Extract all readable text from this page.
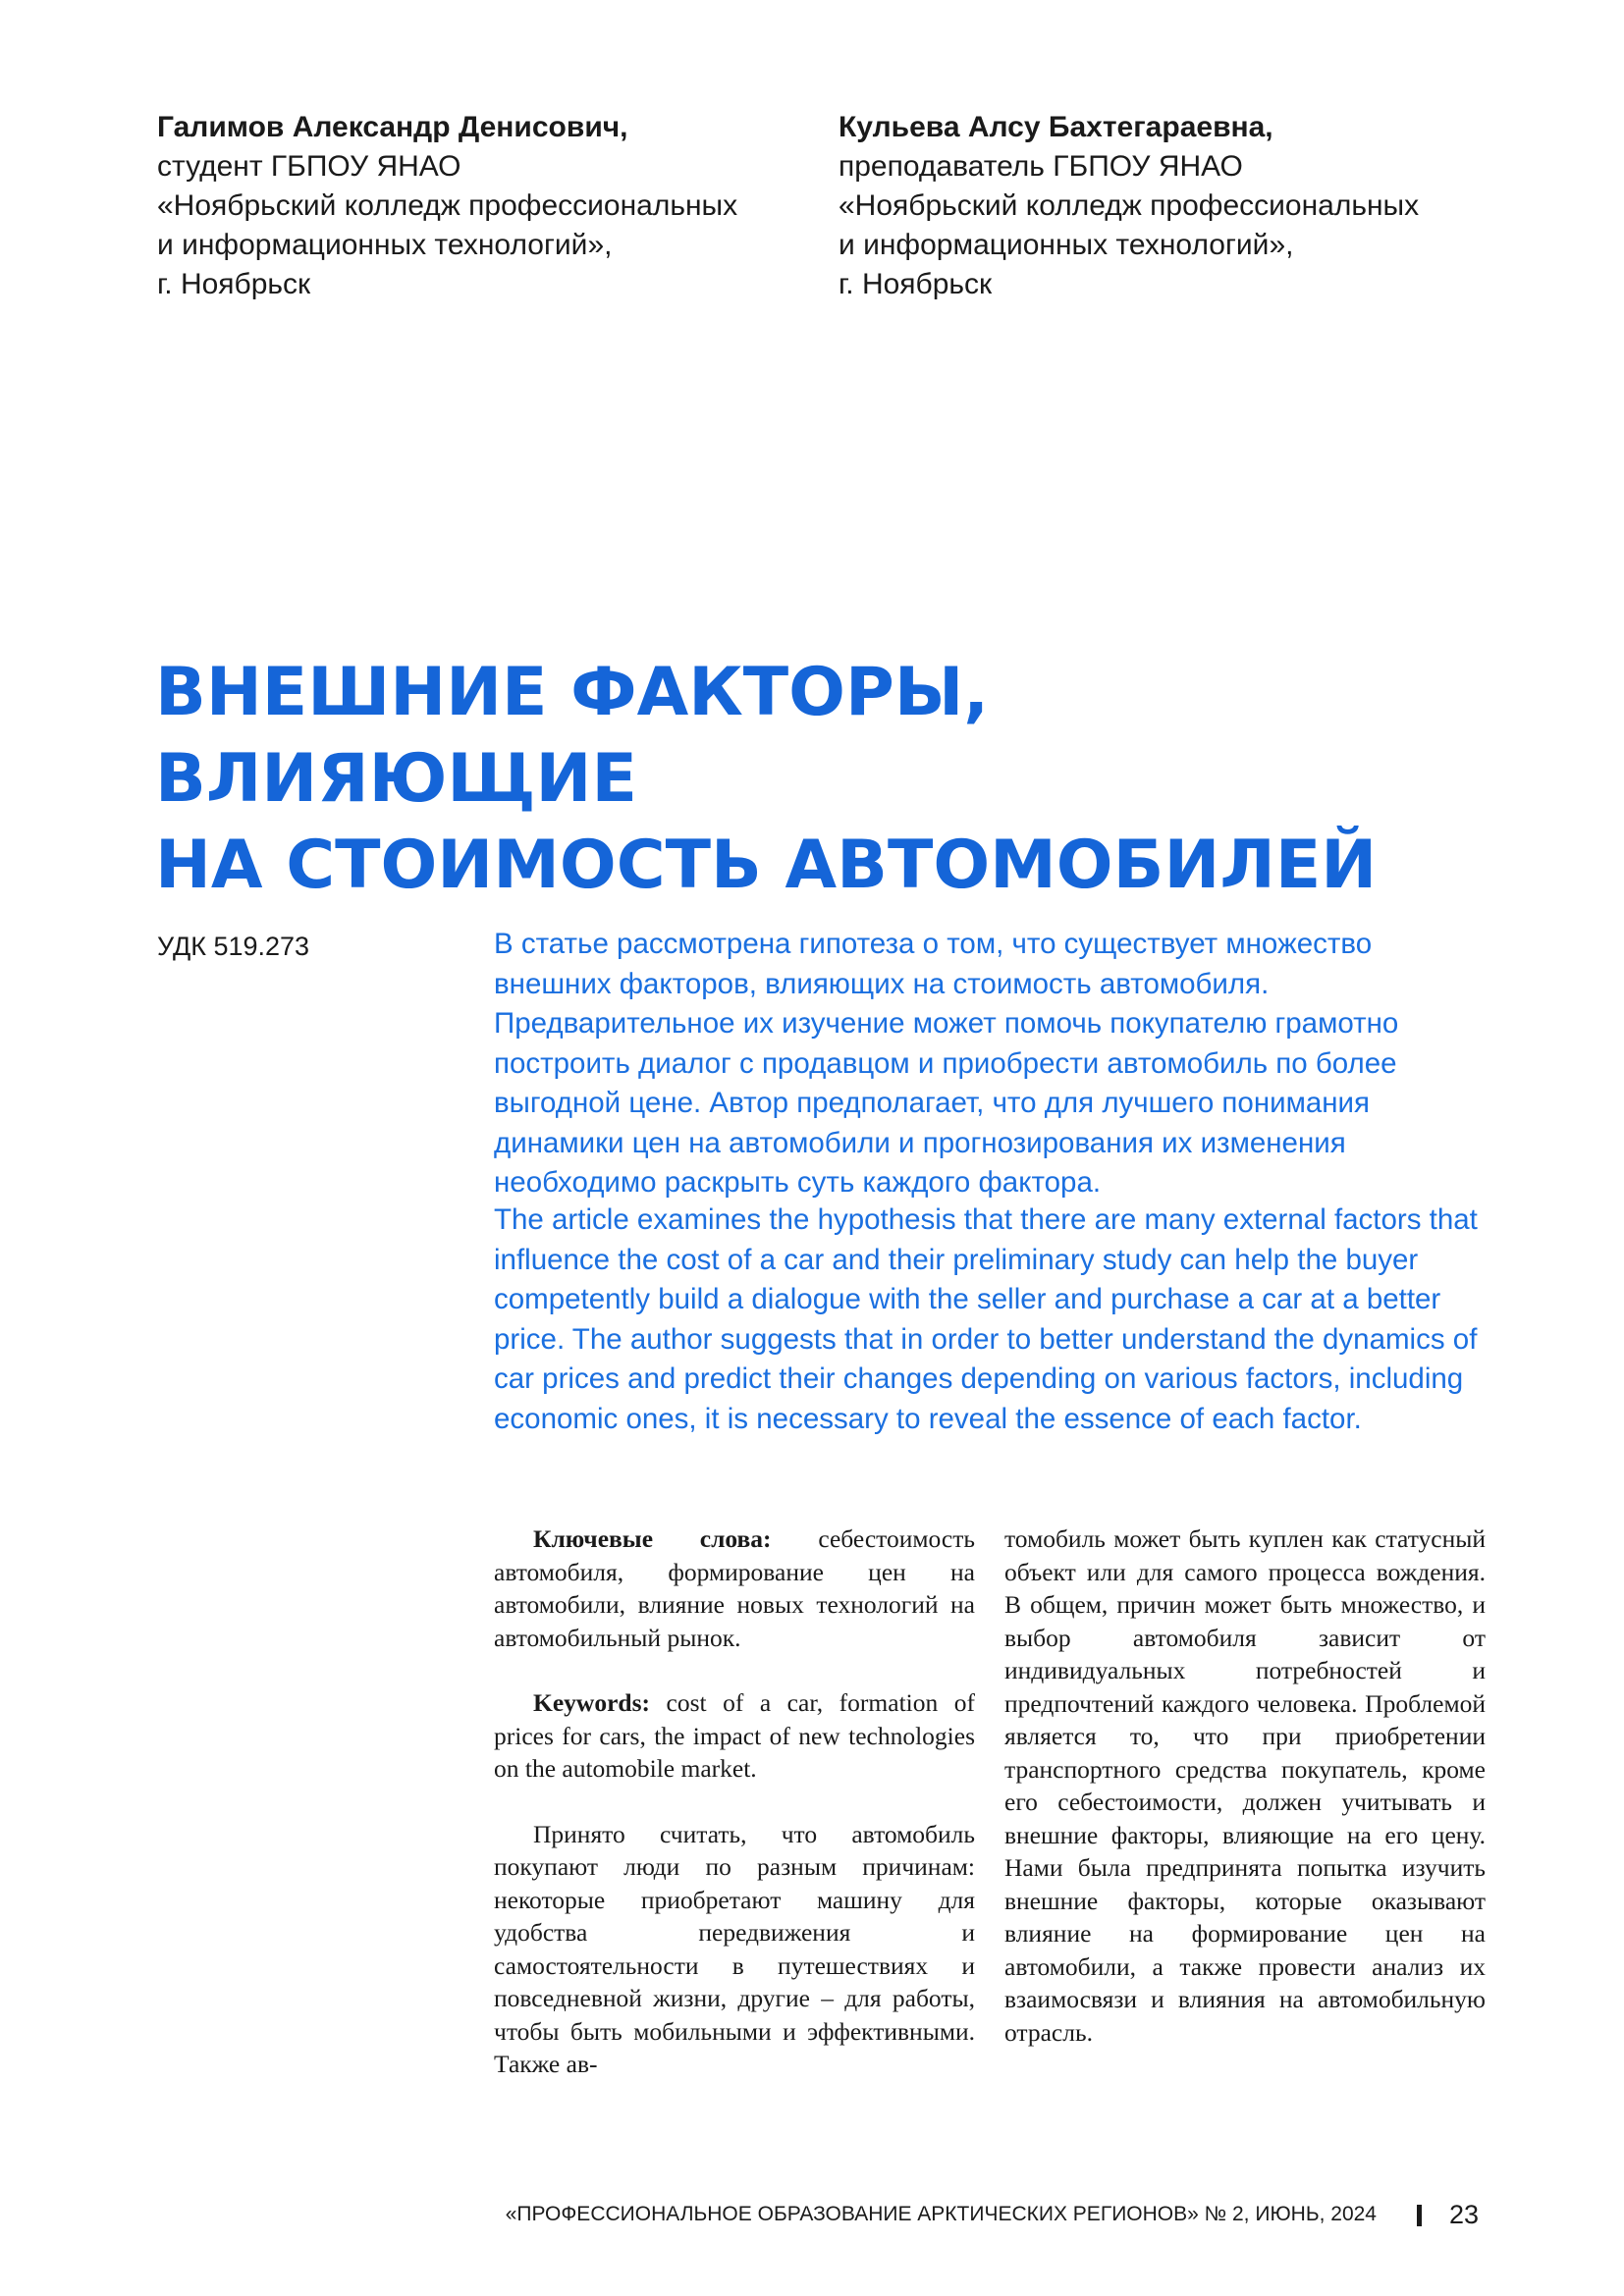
Галимов Александр Денисович,
студент ГБПОУ ЯНАО
«Ноябрьский колледж профессиональных
и информационных технологий»,
г. Ноябрьск
Кульева Алсу Бахтегараевна,
преподаватель ГБПОУ ЯНАО
«Ноябрьский колледж профессиональных
и информационных технологий»,
г. Ноябрьск
ВНЕШНИЕ ФАКТОРЫ, ВЛИЯЮЩИЕ
НА СТОИМОСТЬ АВТОМОБИЛЕЙ
УДК 519.273	В статье рассмотрена гипотеза о том, что существует множество внешних факторов, влияющих на стоимость автомобиля. Предварительное их изучение может помочь покупателю грамотно построить диалог с продавцом и приобрести автомобиль по более выгодной цене. Автор предполагает, что для лучшего понимания динамики цен на автомобили и прогнозирования их изменения необходимо раскрыть суть каждого фактора.

The article examines the hypothesis that there are many external factors that influence the cost of a car and their preliminary study can help the buyer competently build a dialogue with the seller and purchase a car at a better price. The author suggests that in order to better understand the dynamics of car prices and predict their changes depending on various factors, including economic ones, it is necessary to reveal the essence of each factor.

Ключевые слова: себестоимость автомобиля, формирование цен на автомобили, влияние новых технологий на автомобильный рынок.

Keywords: cost of a car, formation of prices for cars, the impact of new technologies on the automobile market.

Принято считать, что автомобиль покупают люди по разным причинам: некоторые приобретают машину для удобства передвижения и самостоятельности в путешествиях и повседневной жизни, другие – для работы, чтобы быть мобильными и эффективными. Также ав-

томобиль может быть куплен как статусный объект или для самого процесса вождения. В общем, причин может быть множество, и выбор автомобиля зависит от индивидуальных потребностей и предпочтений каждого человека. Проблемой является то, что при приобретении транспортного средства покупатель, кроме его себестоимости, должен учитывать и внешние факторы, влияющие на его цену. Нами была предпринята попытка изучить внешние факторы, которые оказывают влияние на формирование цен на автомобили, а также провести анализ их взаимосвязи и влияния на автомобильную отрасль.

«ПРОФЕССИОНАЛЬНОЕ ОБРАЗОВАНИЕ АРКТИЧЕСКИХ РЕГИОНОВ» № 2, ИЮНЬ, 2024	23
